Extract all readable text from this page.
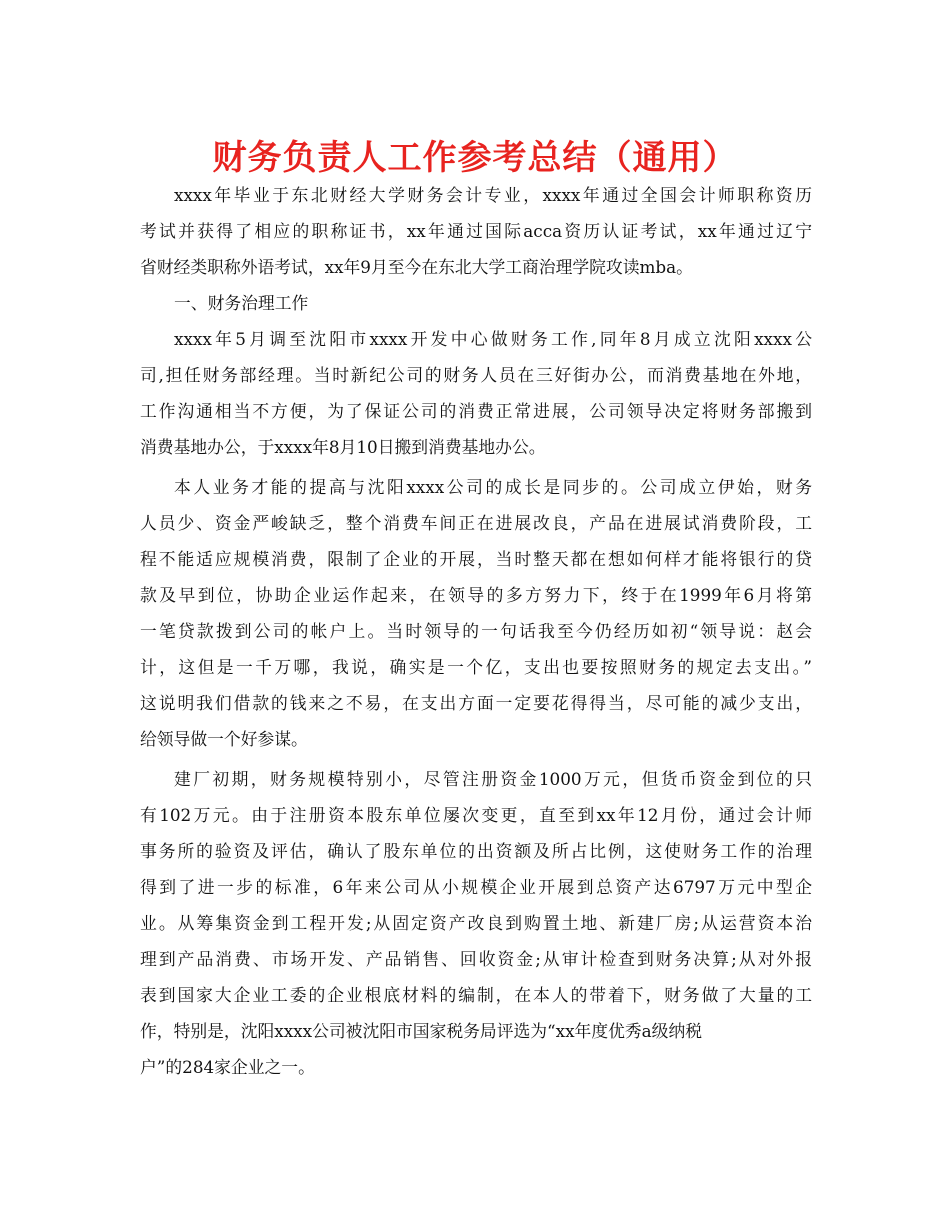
财务负责人工作参考总结（通用）
xxxx年毕业于东北财经大学财务会计专业，xxxx年通过全国会计师职称资历
考试并获得了相应的职称证书，xx年通过国际acca资历认证考试，xx年通过辽宁
省财经类职称外语考试，xx年9月至今在东北大学工商治理学院攻读mba。
一、财务治理工作
xxxx年5月调至沈阳市xxxx开发中心做财务工作,同年8月成立沈阳xxxx公
司,担任财务部经理。当时新纪公司的财务人员在三好街办公，而消费基地在外地，
工作沟通相当不方便，为了保证公司的消费正常进展，公司领导决定将财务部搬到
消费基地办公，于xxxx年8月10日搬到消费基地办公。
本人业务才能的提高与沈阳xxxx公司的成长是同步的。公司成立伊始，财务
人员少、资金严峻缺乏，整个消费车间正在进展改良，产品在进展试消费阶段，工
程不能适应规模消费，限制了企业的开展，当时整天都在想如何样才能将银行的贷
款及早到位，协助企业运作起来，在领导的多方努力下，终于在1999年6月将第
一笔贷款拨到公司的帐户上。当时领导的一句话我至今仍经历如初“领导说：赵会
计，这但是一千万哪，我说，确实是一个亿，支出也要按照财务的规定去支出。”
这说明我们借款的钱来之不易，在支出方面一定要花得得当，尽可能的减少支出，
给领导做一个好参谋。
建厂初期，财务规模特别小，尽管注册资金1000万元，但货币资金到位的只
有102万元。由于注册资本股东单位屡次变更，直至到xx年12月份，通过会计师
事务所的验资及评估，确认了股东单位的出资额及所占比例，这使财务工作的治理
得到了进一步的标准，6年来公司从小规模企业开展到总资产达6797万元中型企
业。从筹集资金到工程开发;从固定资产改良到购置土地、新建厂房;从运营资本治
理到产品消费、市场开发、产品销售、回收资金;从审计检查到财务决算;从对外报
表到国家大企业工委的企业根底材料的编制，在本人的带着下，财务做了大量的工
作，特别是，沈阳xxxx公司被沈阳市国家税务局评选为“xx年度优秀a级纳税
户”的284家企业之一。
